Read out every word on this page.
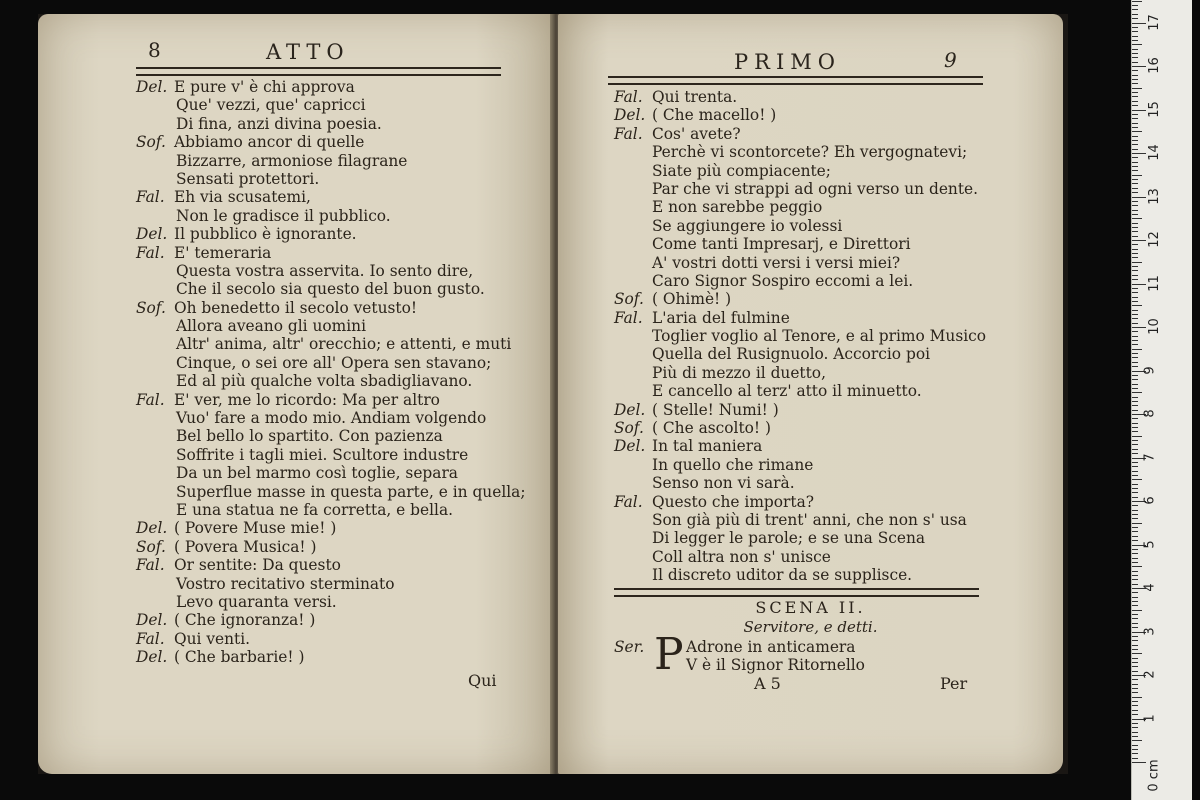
8	ATTO
Del. E pure v' è chi approva
Que' vezzi, que' capricci
Di fina, anzi divina poesia.
Sof. Abbiamo ancor di quelle
Bizzarre, armoniose filagrane
Sensati protettori.
Fal. Eh via scusatemi,
Non le gradisce il pubblico.
Del. Il pubblico è ignorante.
Fal. E' temeraria
Questa vostra asservita. Io sento dire,
Che il secolo sia questo del buon gusto.
Sof. Oh benedetto il secolo vetusto!
Allora aveano gli uomini
Altr' anima, altr' orecchio; e attenti, e muti
Cinque, o sei ore all' Opera sen stavano;
Ed al più qualche volta sbadigliavano.
Fal. E' ver, me lo ricordo: Ma per altro
Vuo' fare a modo mio. Andiam volgendo
Bel bello lo spartito. Con pazienza
Soffrite i tagli miei. Scultore industre
Da un bel marmo così toglie, separa
Superflue masse in questa parte, e in quella;
E una statua ne fa corretta, e bella.
Del. ( Povere Muse mie! )
Sof. ( Povera Musica! )
Fal. Or sentite: Da questo
Vostro recitativo sterminato
Levo quaranta versi.
Del. ( Che ignoranza! )
Fal. Qui venti.
Del. ( Che barbarie! )
Qui
PRIMO	9
Fal. Qui trenta.
Del. ( Che macello! )
Fal. Cos' avete?
Perchè vi scontorcete? Eh vergognatevi;
Siate più compiacente;
Par che vi strappi ad ogni verso un dente.
E non sarebbe peggio
Se aggiungere io volessi
Come tanti Impresarj, e Direttori
A' vostri dotti versi i versi miei?
Caro Signor Sospiro eccomi a lei.
Sof. ( Ohimè! )
Fal. L'aria del fulmine
Toglier voglio al Tenore, e al primo Musico
Quella del Rusignuolo. Accorcio poi
Più di mezzo il duetto,
E cancello al terz' atto il minuetto.
Del. ( Stelle! Numi! )
Sof. ( Che ascolto! )
Del. In tal maniera
In quello che rimane
Senso non vi sarà.
Fal. Questo che importa?
Son già più di trent' anni, che non s' usa
Di legger le parole; e se una Scena
Coll altra non s' unisce
Il discreto uditor da se supplisce.
SCENA II.
Servitore, e detti.
Ser. P Adrone in anticamera
V è il Signor Ritornello
A 5	Per
0 cm
1
2
3
4
5
6
7
8
9
10
11
12
13
14
15
16
17
